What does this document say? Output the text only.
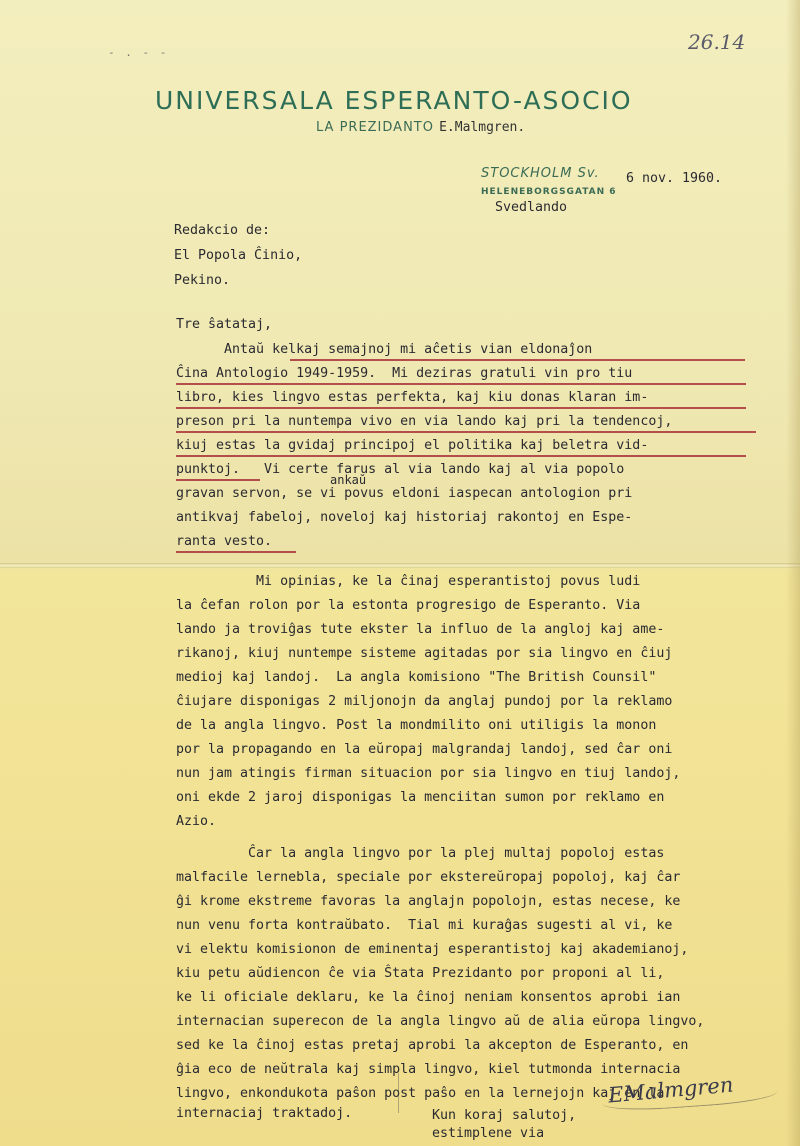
26.14
- . - -
UNIVERSALA ESPERANTO-ASOCIO
LA PREZIDANTO E.Malmgren.
STOCKHOLM Sv.
HELENEBORGSGATAN 6
6 nov. 1960.
Svedlando
Redakcio de:
El Popola Ĉinio,
Pekino.
Tre ŝatataj,
Antaŭ kelkaj semajnoj mi aĉetis vian eldonaĵon
Ĉina Antologio 1949-1959.  Mi deziras gratuli vin pro tiu
libro, kies lingvo estas perfekta, kaj kiu donas klaran im-
preson pri la nuntempa vivo en via lando kaj pri la tendencoj,
kiuj estas la gvidaj principoj el politika kaj beletra vid-
punktoj.   Vi certe farus al via lando kaj al via popolo
gravan servon, se vi povus eldoni iaspecan antologion pri
antikvaj fabeloj, noveloj kaj historiaj rakontoj en Espe-
ranta vesto.
ankaŭ
Mi opinias, ke la ĉinaj esperantistoj povus ludi
la ĉefan rolon por la estonta progresigo de Esperanto. Via
lando ja troviĝas tute ekster la influo de la angloj kaj ame-
rikanoj, kiuj nuntempe sisteme agitadas por sia lingvo en ĉiuj
medioj kaj landoj.  La angla komisiono "The British Counsil"
ĉiujare disponigas 2 miljonojn da anglaj pundoj por la reklamo
de la angla lingvo. Post la mondmilito oni utiligis la monon
por la propagando en la eŭropaj malgrandaj landoj, sed ĉar oni
nun jam atingis firman situacion por sia lingvo en tiuj landoj,
oni ekde 2 jaroj disponigas la menciitan sumon por reklamo en
Azio.
Ĉar la angla lingvo por la plej multaj popoloj estas
malfacile lernebla, speciale por ekstereŭropaj popoloj, kaj ĉar
ĝi krome ekstreme favoras la anglajn popolojn, estas necese, ke
nun venu forta kontraŭbato.  Tial mi kuraĝas sugesti al vi, ke
vi elektu komisionon de eminentaj esperantistoj kaj akademianoj,
kiu petu aŭdiencon ĉe via Ŝtata Prezidanto por proponi al li,
ke li oficiale deklaru, ke la ĉinoj neniam konsentos aprobi ian
internacian superecon de la angla lingvo aŭ de alia eŭropa lingvo,
sed ke la ĉinoj estas pretaj aprobi la akcepton de Esperanto, en
ĝia eco de neŭtrala kaj simpla lingvo, kiel tutmonda internacia
lingvo, enkondukota paŝon post paŝo en la lernejojn kaj en la
internaciaj traktadoj.	Kun koraj salutoj,
estimplene via
EMalmgren
